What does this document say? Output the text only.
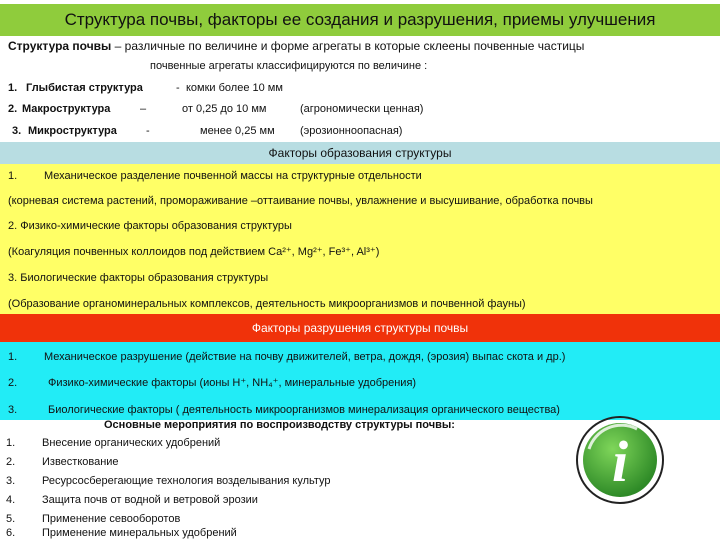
Структура почвы, факторы ее создания и разрушения, приемы улучшения
Структура почвы – различные по величине и форме агрегаты в которые склеены почвенные частицы
почвенные агрегаты классифицируются по величине :
1. Глыбистая структура	- комки более 10 мм
2. Макроструктура	–	от 0,25 до 10 мм	(агрономически ценная)
3. Микроструктура	-	менее 0,25 мм (эрозионноопасная)
Факторы образования структуры
1. Механическое разделение почвенной массы на структурные отдельности
(корневая система растений, промораживание –оттаивание почвы, увлажнение и высушивание, обработка почвы
2. Физико-химические факторы образования структуры
(Коагуляция почвенных коллоидов под действием Ca²⁺, Mg²⁺, Fe³⁺, Al³⁺)
3. Биологические факторы образования структуры
(Образование органоминеральных комплексов, деятельность микроорганизмов и почвенной фауны)
Факторы разрушения структуры почвы
1. Механическое разрушение (действие на почву движителей, ветра, дождя, (эрозия) выпас скота и др.)
2.	Физико-химические факторы (ионы H⁺, NH₄⁺, минеральные удобрения)
3.	Биологические факторы ( деятельность микроорганизмов минерализация органического вещества)
Основные мероприятия по воспроизводству структуры почвы:
1. Внесение органических удобрений
2. Известкование
3. Ресурсосберегающие технология возделывания культур
4. Защита почв от водной и ветровой эрозии
5. Применение севооборотов
6. Применение минеральных удобрений
i
